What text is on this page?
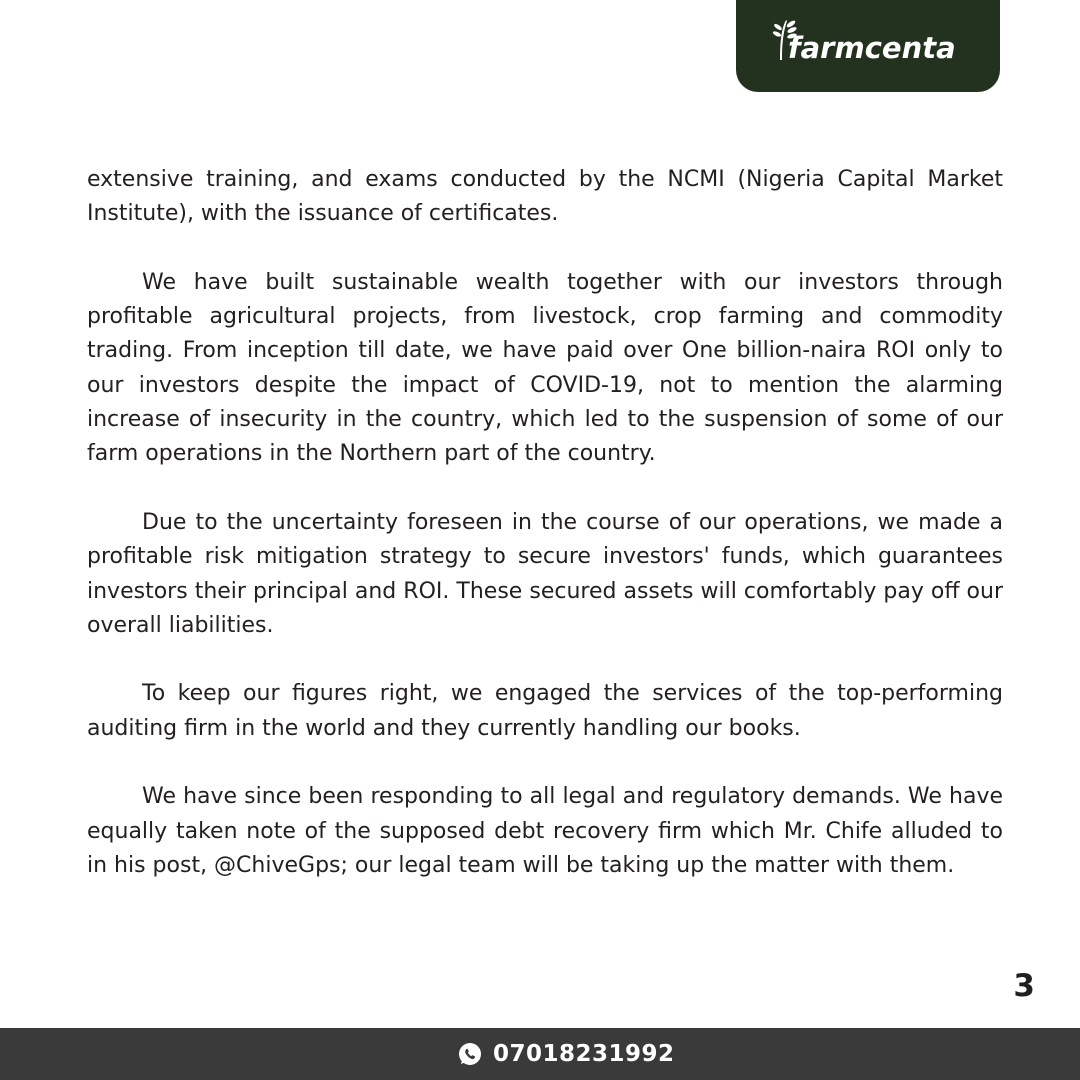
farmcenta

extensive training, and exams conducted by the NCMI (Nigeria Capital Market Institute), with the issuance of certificates.

We have built sustainable wealth together with our investors through profitable agricultural projects, from livestock, crop farming and commodity trading. From inception till date, we have paid over One billion-naira ROI only to our investors despite the impact of COVID-19, not to mention the alarming increase of insecurity in the country, which led to the suspension of some of our farm operations in the Northern part of the country.

Due to the uncertainty foreseen in the course of our operations, we made a profitable risk mitigation strategy to secure investors' funds, which guarantees investors their principal and ROI. These secured assets will comfortably pay off our overall liabilities.

To keep our figures right, we engaged the services of the top-performing auditing firm in the world and they currently handling our books.

We have since been responding to all legal and regulatory demands. We have equally taken note of the supposed debt recovery firm which Mr. Chife alluded to in his post, @ChiveGps; our legal team will be taking up the matter with them.

3
07018231992
